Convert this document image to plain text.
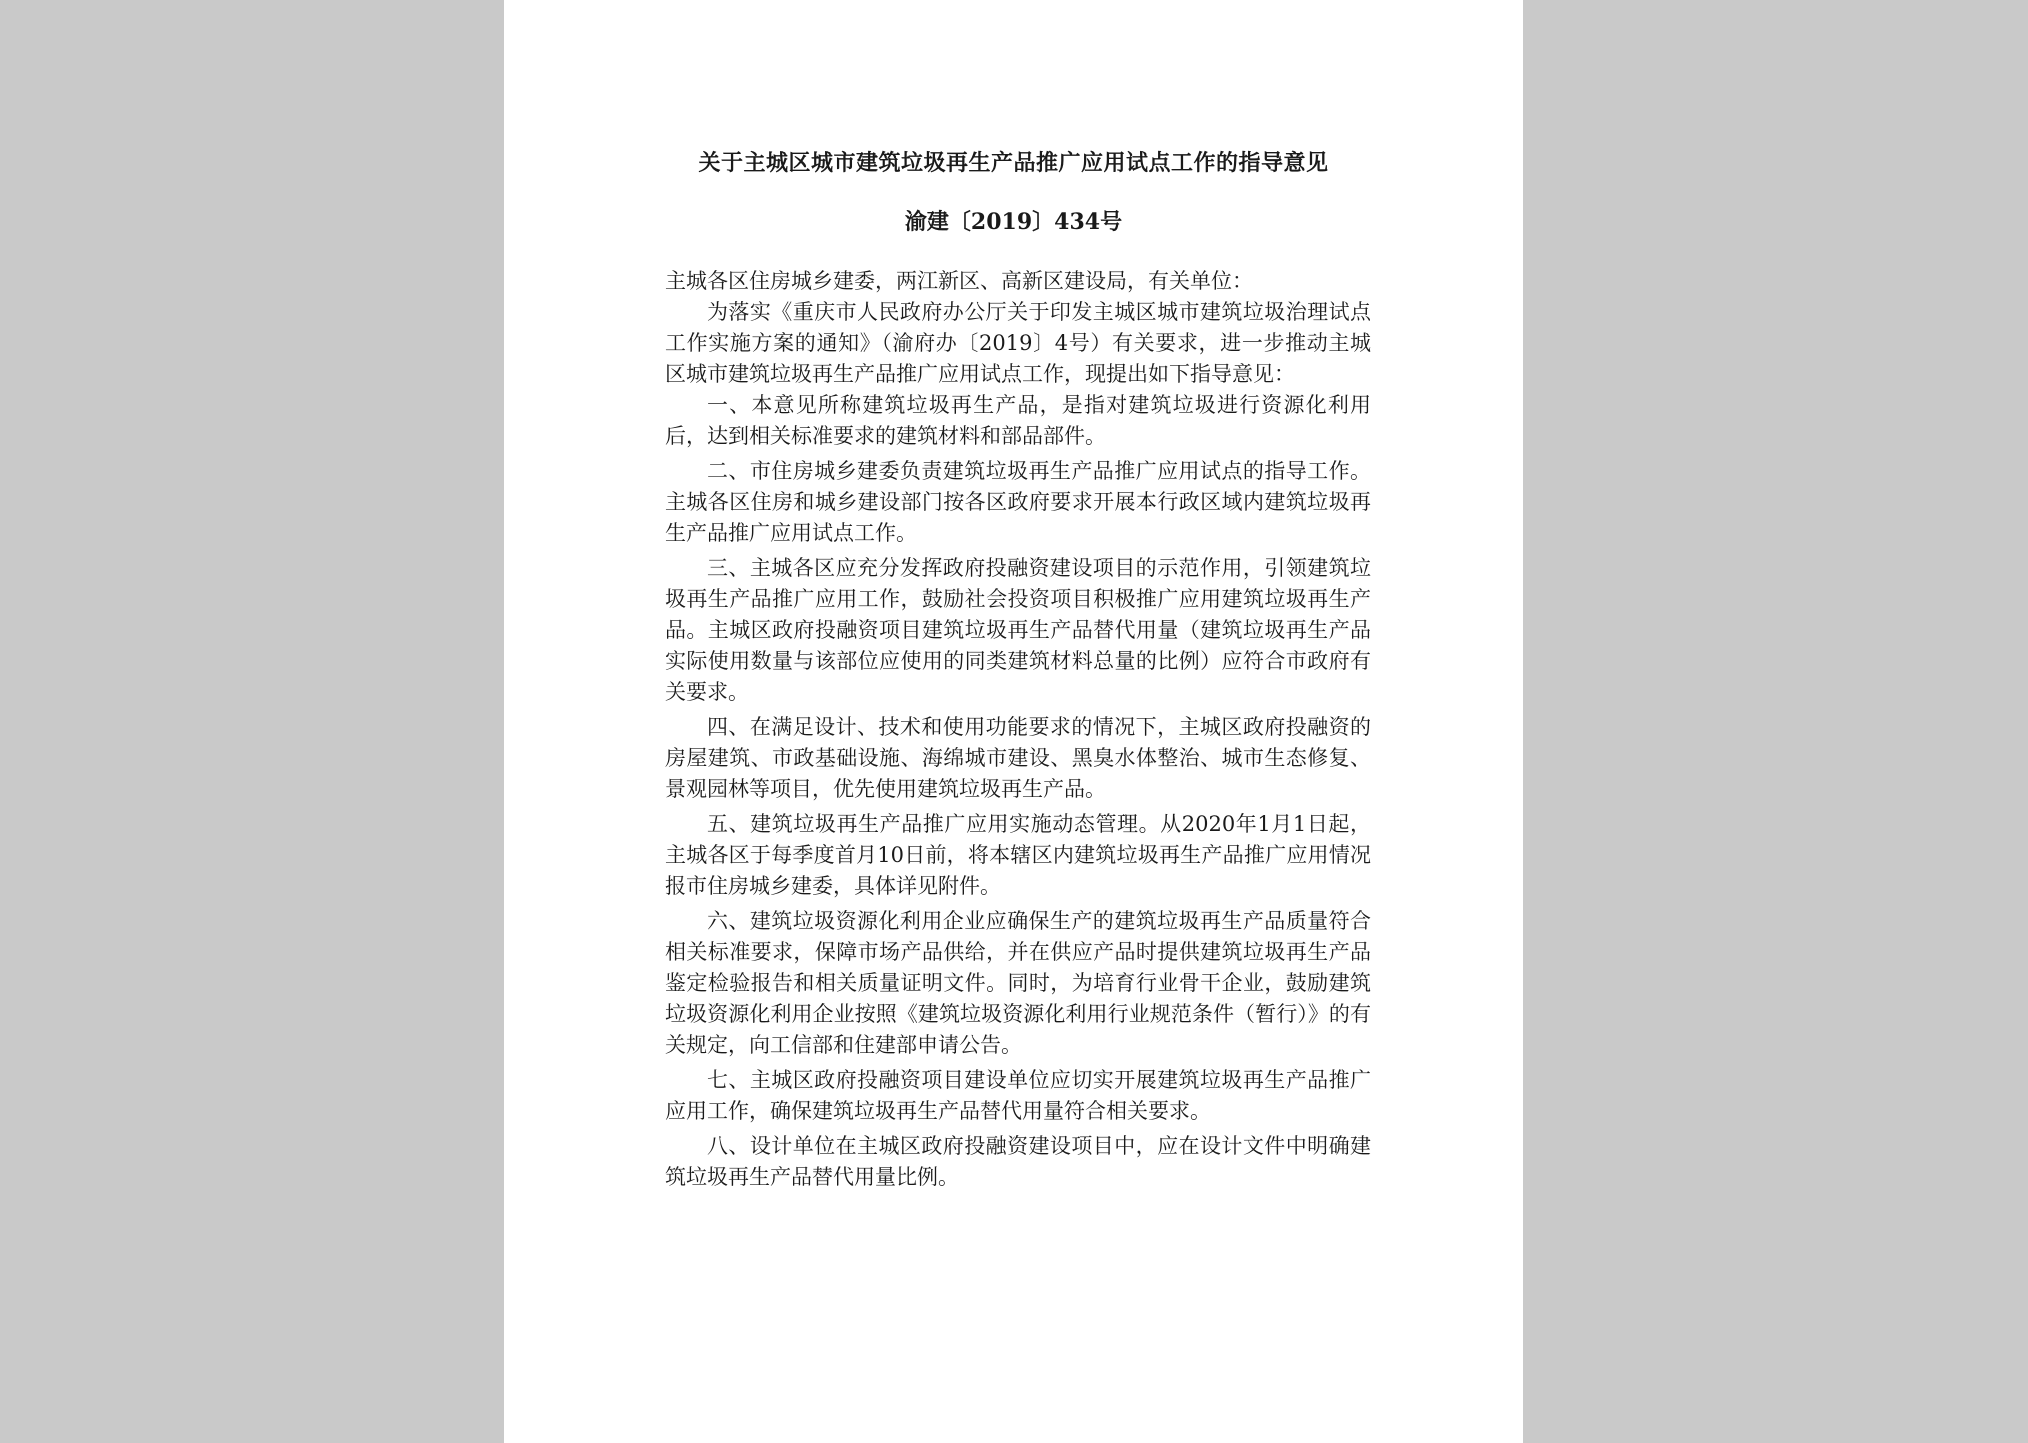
关于主城区城市建筑垃圾再生产品推广应用试点工作的指导意见
渝建〔2019〕434号

主城各区住房城乡建委，两江新区、高新区建设局，有关单位：

为落实《重庆市人民政府办公厅关于印发主城区城市建筑垃圾治理试点工作实施方案的通知》（渝府办〔2019〕4号）有关要求，进一步推动主城区城市建筑垃圾再生产品推广应用试点工作，现提出如下指导意见：

一、本意见所称建筑垃圾再生产品，是指对建筑垃圾进行资源化利用后，达到相关标准要求的建筑材料和部品部件。

二、市住房城乡建委负责建筑垃圾再生产品推广应用试点的指导工作。主城各区住房和城乡建设部门按各区政府要求开展本行政区域内建筑垃圾再生产品推广应用试点工作。

三、主城各区应充分发挥政府投融资建设项目的示范作用，引领建筑垃圾再生产品推广应用工作，鼓励社会投资项目积极推广应用建筑垃圾再生产品。主城区政府投融资项目建筑垃圾再生产品替代用量（建筑垃圾再生产品实际使用数量与该部位应使用的同类建筑材料总量的比例）应符合市政府有关要求。

四、在满足设计、技术和使用功能要求的情况下，主城区政府投融资的房屋建筑、市政基础设施、海绵城市建设、黑臭水体整治、城市生态修复、景观园林等项目，优先使用建筑垃圾再生产品。

五、建筑垃圾再生产品推广应用实施动态管理。从2020年1月1日起，主城各区于每季度首月10日前，将本辖区内建筑垃圾再生产品推广应用情况报市住房城乡建委，具体详见附件。

六、建筑垃圾资源化利用企业应确保生产的建筑垃圾再生产品质量符合相关标准要求，保障市场产品供给，并在供应产品时提供建筑垃圾再生产品鉴定检验报告和相关质量证明文件。同时，为培育行业骨干企业，鼓励建筑垃圾资源化利用企业按照《建筑垃圾资源化利用行业规范条件（暂行）》的有关规定，向工信部和住建部申请公告。

七、主城区政府投融资项目建设单位应切实开展建筑垃圾再生产品推广应用工作，确保建筑垃圾再生产品替代用量符合相关要求。

八、设计单位在主城区政府投融资建设项目中，应在设计文件中明确建筑垃圾再生产品替代用量比例。
